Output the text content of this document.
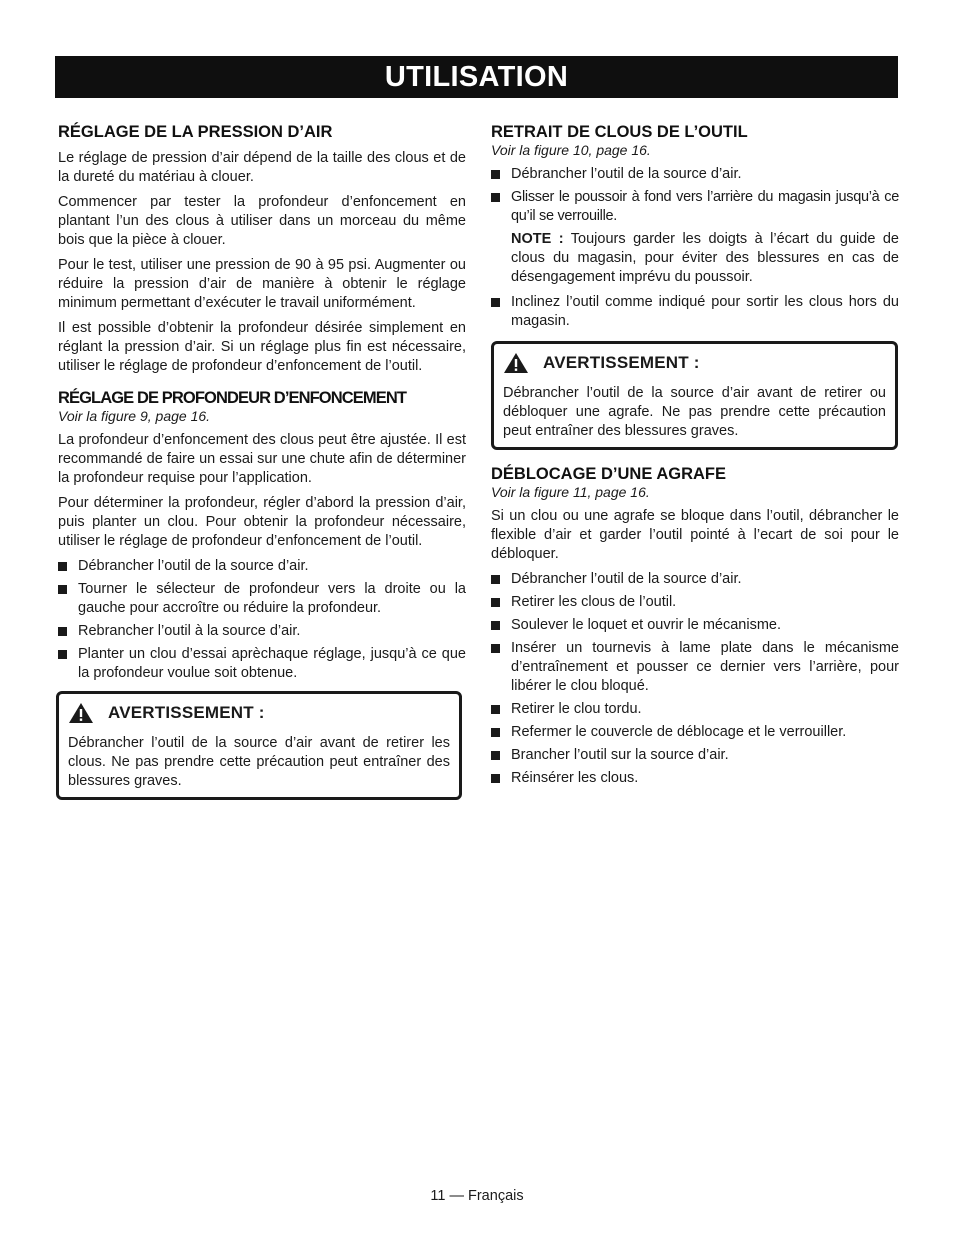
UTILISATION
RÉGLAGE DE LA PRESSION D’AIR

Le réglage de pression d’air dépend de la taille des clous et de la dureté du matériau à clouer.

Commencer par tester la profondeur d’enfoncement en plantant l’un des clous à utiliser dans un morceau du même bois que la pièce à clouer.

Pour le test, utiliser une pression de 90 à 95 psi. Augmenter ou réduire la pression d’air de manière à obtenir le réglage minimum permettant d’exécuter le travail uniformément.

Il est possible d’obtenir la profondeur désirée simplement en réglant la pression d’air. Si un réglage plus fin est nécessaire, utiliser le réglage de profondeur d’enfoncement de l’outil.

RÉGLAGE DE PROFONDEUR D’ENFONCEMENT
Voir la figure 9, page 16.

La profondeur d’enfoncement des clous peut être ajustée. Il est recommandé de faire un essai sur une chute afin de déterminer la profondeur requise pour l’application.

Pour déterminer la profondeur, régler d’abord la pression d’air, puis planter un clou. Pour obtenir la profondeur nécessaire, utiliser le réglage de profondeur d’enfoncement de l’outil.

Débrancher l’outil de la source d’air.
Tourner le sélecteur de profondeur vers la droite ou la gauche pour accroître ou réduire la profondeur.
Rebrancher l’outil à la source d’air.
Planter un clou d’essai aprèchaque réglage, jusqu’à ce que la profondeur voulue soit obtenue.
AVERTISSEMENT :

Débrancher l’outil de la source d’air avant de retirer les clous. Ne pas prendre cette précaution peut entraîner des blessures graves.

RETRAIT DE CLOUS DE L’OUTIL
Voir la figure 10, page 16.
Débrancher l’outil de la source d’air.
Glisser le poussoir à fond vers l’arrière du magasin jusqu’à ce qu’il se verrouille.

NOTE : Toujours garder les doigts à l’écart du guide de clous du magasin, pour éviter des blessures en cas de désengagement imprévu du poussoir.

Inclinez l’outil comme indiqué pour sortir les clous hors du magasin.
AVERTISSEMENT :

Débrancher l’outil de la source d’air avant de retirer ou débloquer une agrafe. Ne pas prendre cette précaution peut entraîner des blessures graves.

DÉBLOCAGE D’UNE AGRAFE
Voir la figure 11, page 16.

Si un clou ou une agrafe se bloque dans l’outil, débrancher le flexible d’air et garder l’outil pointé à l’ecart de soi pour le débloquer.

Débrancher l’outil de la source d’air.
Retirer les clous de l’outil.
Soulever le loquet et ouvrir le mécanisme.
Insérer un tournevis à lame plate dans le mécanisme d’entraînement et pousser ce dernier vers l’arrière, pour libérer le clou bloqué.
Retirer le clou tordu.
Refermer le couvercle de déblocage et le verrouiller.
Brancher l’outil sur la source d’air.
Réinsérer les clous.
11 — Français
